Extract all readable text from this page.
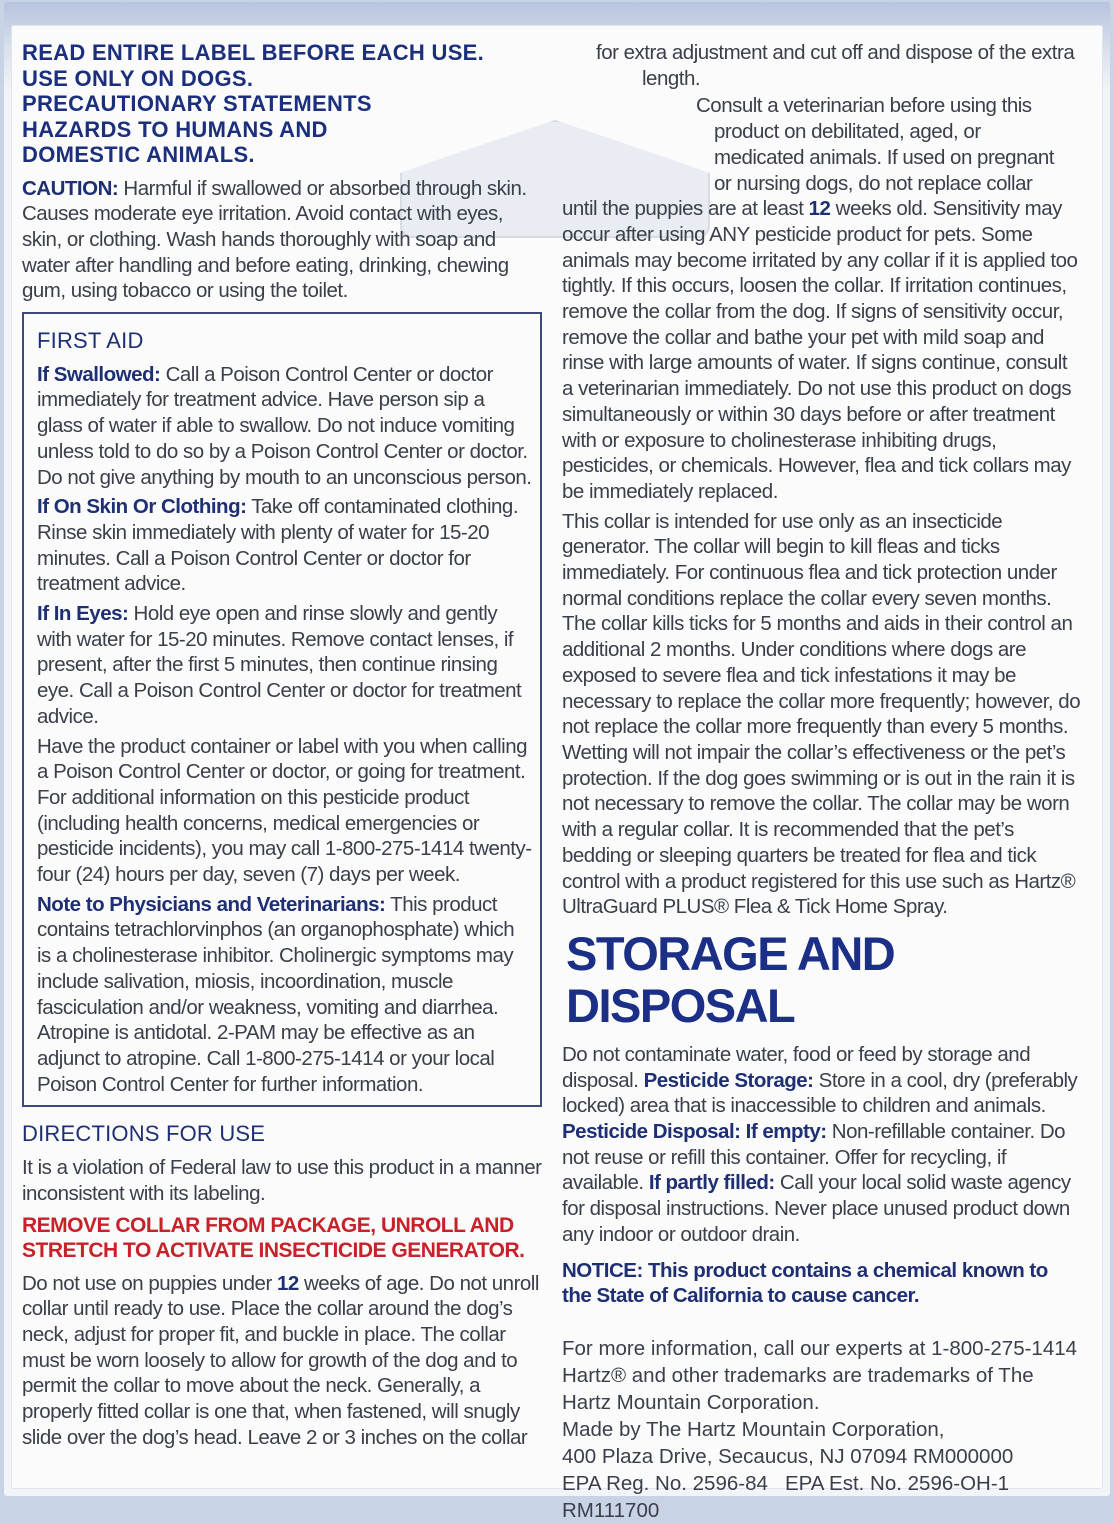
READ ENTIRE LABEL BEFORE EACH USE.
USE ONLY ON DOGS.
PRECAUTIONARY STATEMENTS
HAZARDS TO HUMANS AND
DOMESTIC ANIMALS.

CAUTION: Harmful if swallowed or absorbed through skin. Causes moderate eye irritation. Avoid contact with eyes, skin, or clothing. Wash hands thoroughly with soap and water after handling and before eating, drinking, chewing gum, using tobacco or using the toilet.

FIRST AID

If Swallowed: Call a Poison Control Center or doctor immediately for treatment advice. Have person sip a glass of water if able to swallow. Do not induce vomiting unless told to do so by a Poison Control Center or doctor. Do not give anything by mouth to an unconscious person.

If On Skin Or Clothing: Take off contaminated clothing. Rinse skin immediately with plenty of water for 15-20 minutes. Call a Poison Control Center or doctor for treatment advice.

If In Eyes: Hold eye open and rinse slowly and gently with water for 15-20 minutes. Remove contact lenses, if present, after the first 5 minutes, then continue rinsing eye. Call a Poison Control Center or doctor for treatment advice.

Have the product container or label with you when calling a Poison Control Center or doctor, or going for treatment. For additional information on this pesticide product (including health concerns, medical emergencies or pesticide incidents), you may call 1-800-275-1414 twenty-four (24) hours per day, seven (7) days per week.

Note to Physicians and Veterinarians: This product contains tetrachlorvinphos (an organophosphate) which is a cholinesterase inhibitor. Cholinergic symptoms may include salivation, miosis, incoordination, muscle fasciculation and/or weakness, vomiting and diarrhea. Atropine is antidotal. 2-PAM may be effective as an adjunct to atropine. Call 1-800-275-1414 or your local Poison Control Center for further information.

DIRECTIONS FOR USE

It is a violation of Federal law to use this product in a manner inconsistent with its labeling.

REMOVE COLLAR FROM PACKAGE, UNROLL AND STRETCH TO ACTIVATE INSECTICIDE GENERATOR.

Do not use on puppies under 12 weeks of age. Do not unroll collar until ready to use. Place the collar around the dog’s neck, adjust for proper fit, and buckle in place. The collar must be worn loosely to allow for growth of the dog and to permit the collar to move about the neck. Generally, a properly fitted collar is one that, when fastened, will snugly slide over the dog’s head. Leave 2 or 3 inches on the collar

for extra adjustment and cut off and dispose of the extra
length.
Consult a veterinarian before using this
product on debilitated, aged, or
medicated animals. If used on pregnant
or nursing dogs, do not replace collar

until the puppies are at least 12 weeks old. Sensitivity may occur after using ANY pesticide product for pets. Some animals may become irritated by any collar if it is applied too tightly. If this occurs, loosen the collar. If irritation continues, remove the collar from the dog. If signs of sensitivity occur, remove the collar and bathe your pet with mild soap and rinse with large amounts of water. If signs continue, consult a veterinarian immediately. Do not use this product on dogs simultaneously or within 30 days before or after treatment with or exposure to cholinesterase inhibiting drugs, pesticides, or chemicals. However, flea and tick collars may be immediately replaced.

This collar is intended for use only as an insecticide generator. The collar will begin to kill fleas and ticks immediately. For continuous flea and tick protection under normal conditions replace the collar every seven months. The collar kills ticks for 5 months and aids in their control an additional 2 months. Under conditions where dogs are exposed to severe flea and tick infestations it may be necessary to replace the collar more frequently; however, do not replace the collar more frequently than every 5 months. Wetting will not impair the collar’s effectiveness or the pet’s protection. If the dog goes swimming or is out in the rain it is not necessary to remove the collar. The collar may be worn with a regular collar. It is recommended that the pet’s bedding or sleeping quarters be treated for flea and tick control with a product registered for this use such as Hartz® UltraGuard PLUS® Flea & Tick Home Spray.

STORAGE AND DISPOSAL

Do not contaminate water, food or feed by storage and disposal. Pesticide Storage: Store in a cool, dry (preferably locked) area that is inaccessible to children and animals. Pesticide Disposal: If empty: Non-refillable container. Do not reuse or refill this container. Offer for recycling, if available. If partly filled: Call your local solid waste agency for disposal instructions. Never place unused product down any indoor or outdoor drain.

NOTICE: This product contains a chemical known to the State of California to cause cancer.

For more information, call our experts at 1-800-275-1414
Hartz® and other trademarks are trademarks of The Hartz Mountain Corporation.
Made by The Hartz Mountain Corporation,
400 Plaza Drive, Secaucus, NJ 07094 RM000000
EPA Reg. No. 2596-84   EPA Est. No. 2596-OH-1
RM111700
